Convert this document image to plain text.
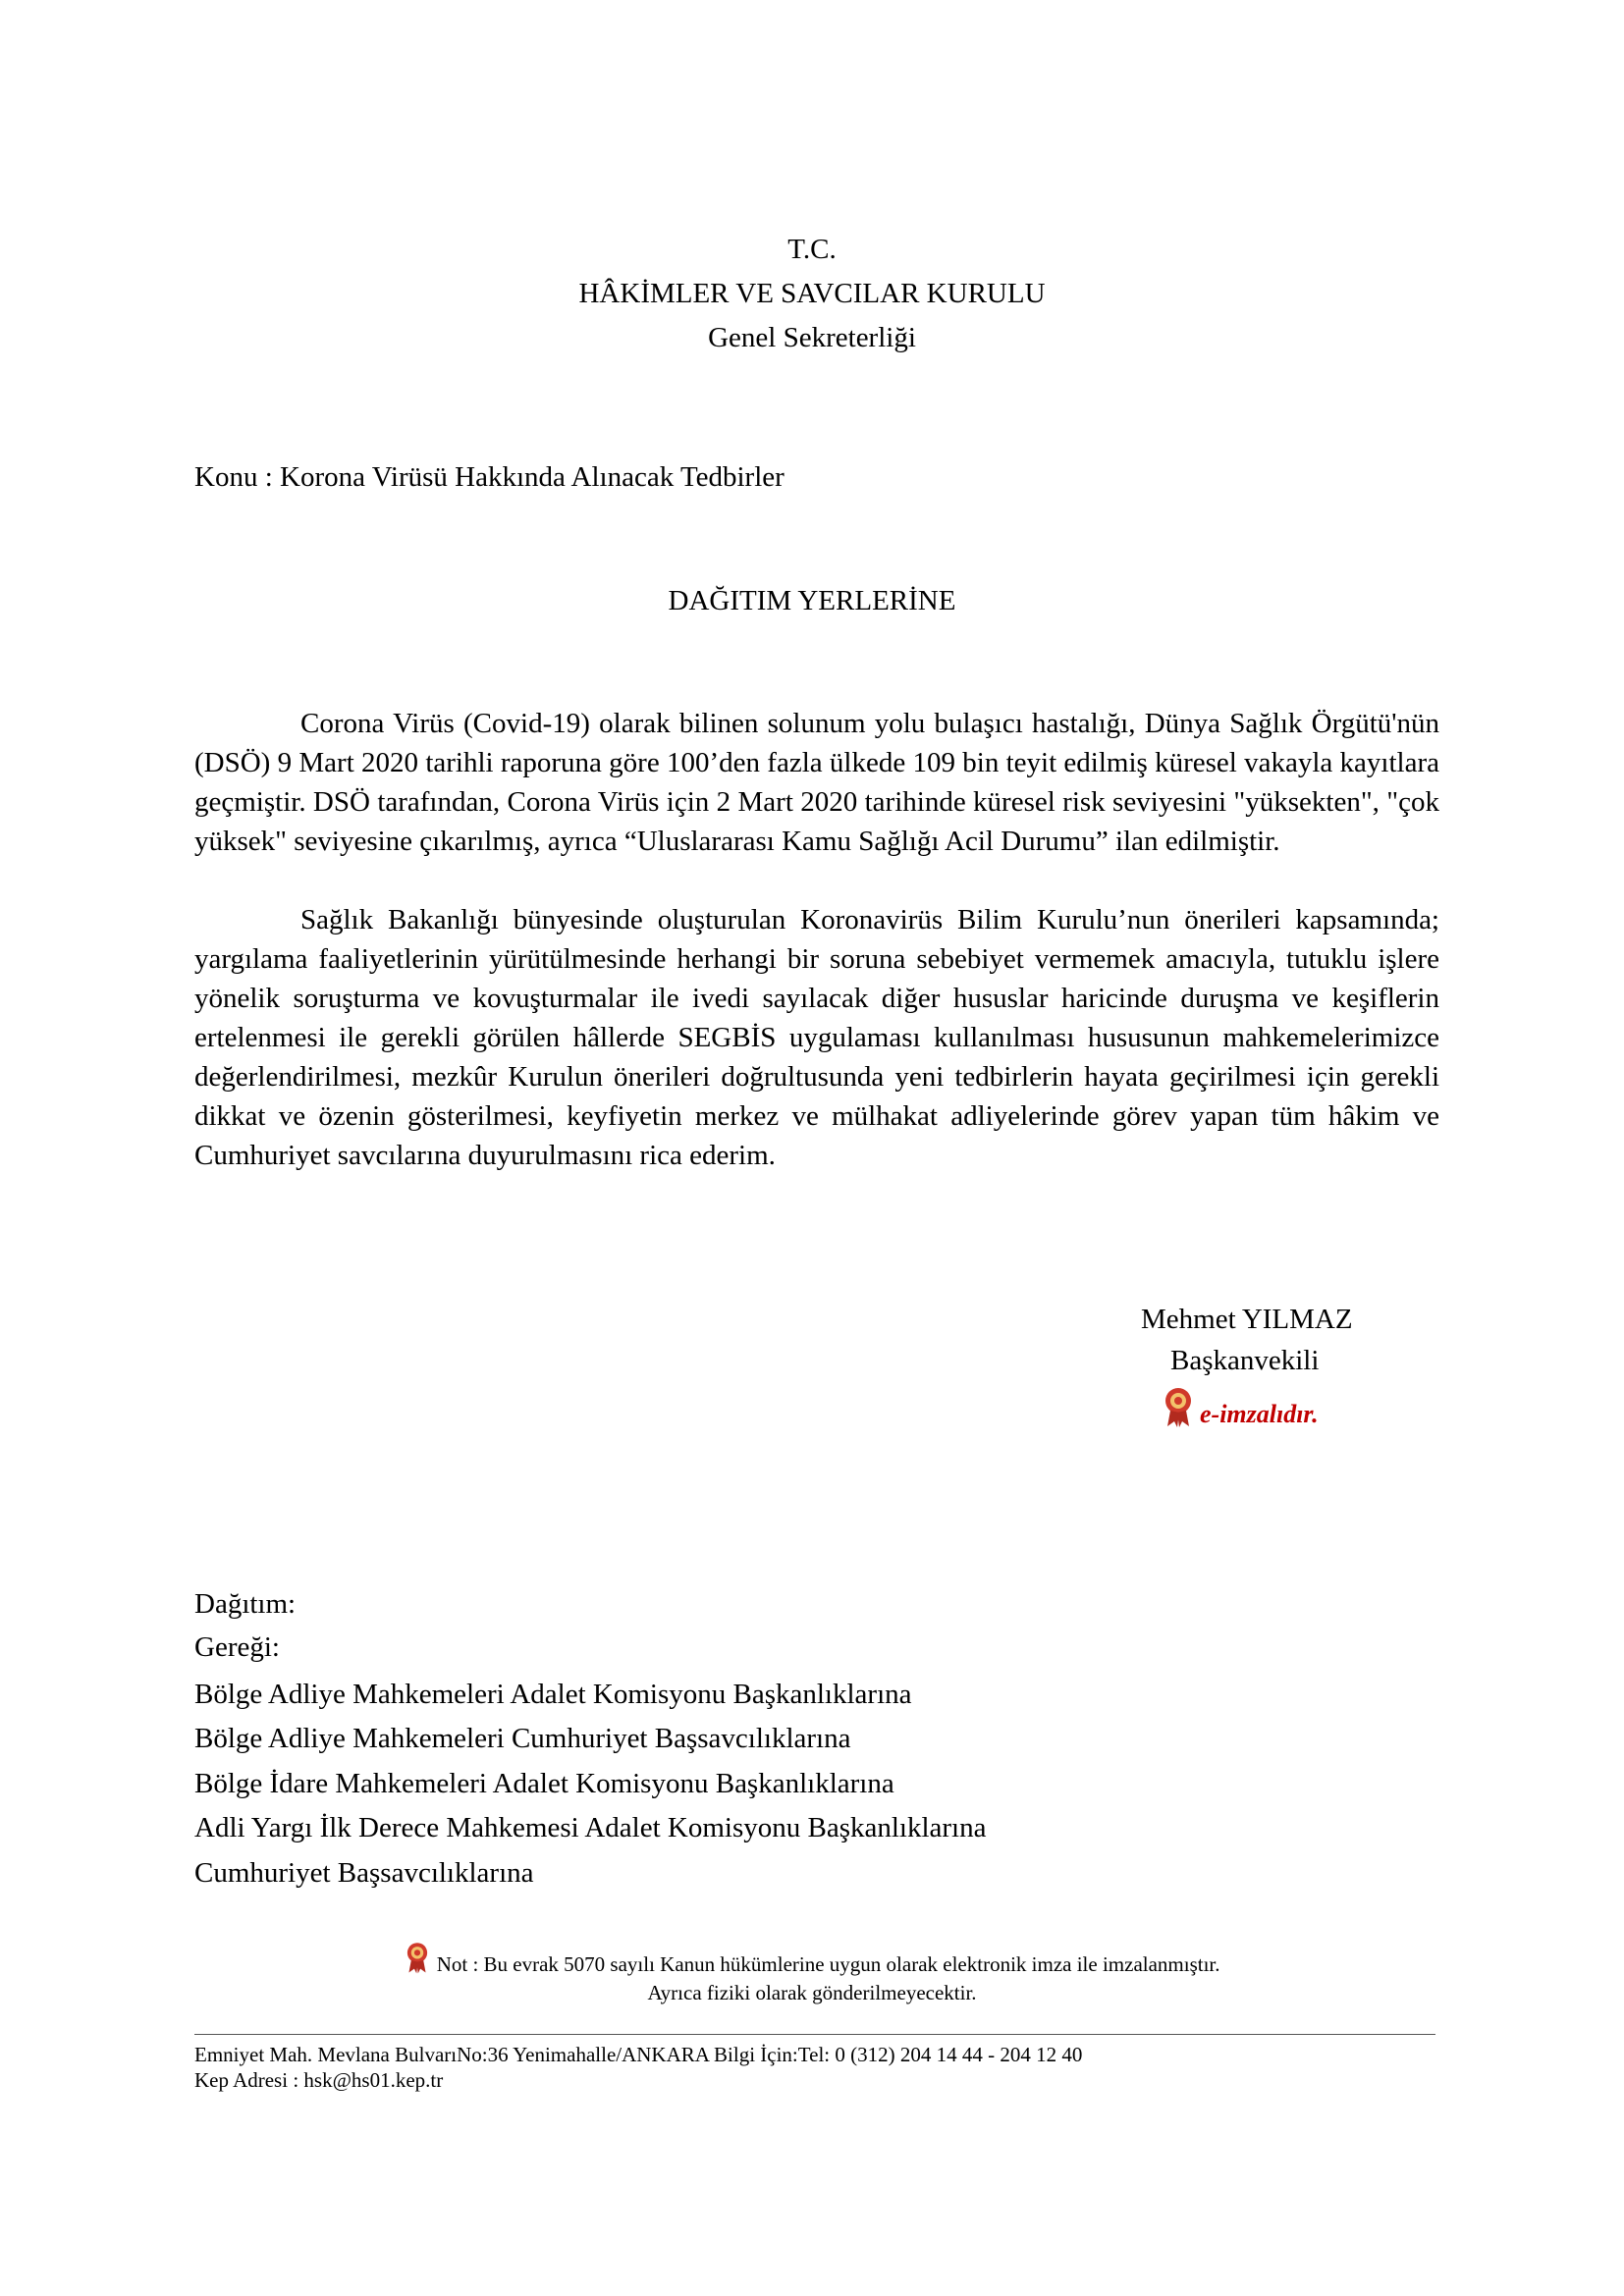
T.C.
HÂKİMLER VE SAVCILAR KURULU
Genel Sekreterliği
Konu : Korona Virüsü Hakkında Alınacak Tedbirler
DAĞITIM YERLERİNE

Corona Virüs (Covid-19) olarak bilinen solunum yolu bulaşıcı hastalığı, Dünya Sağlık Örgütü'nün (DSÖ) 9 Mart 2020 tarihli raporuna göre 100’den fazla ülkede 109 bin teyit edilmiş küresel vakayla kayıtlara geçmiştir. DSÖ tarafından, Corona Virüs için 2 Mart 2020 tarihinde küresel risk seviyesini "yüksekten", "çok yüksek" seviyesine çıkarılmış, ayrıca “Uluslararası Kamu Sağlığı Acil Durumu” ilan edilmiştir.

Sağlık Bakanlığı bünyesinde oluşturulan Koronavirüs Bilim Kurulu’nun önerileri kapsamında; yargılama faaliyetlerinin yürütülmesinde herhangi bir soruna sebebiyet vermemek amacıyla, tutuklu işlere yönelik soruşturma ve kovuşturmalar ile ivedi sayılacak diğer hususlar haricinde duruşma ve keşiflerin ertelenmesi ile gerekli görülen hâllerde SEGBİS uygulaması kullanılması hususunun mahkemelerimizce değerlendirilmesi, mezkûr Kurulun önerileri doğrultusunda yeni tedbirlerin hayata geçirilmesi için gerekli dikkat ve özenin gösterilmesi, keyfiyetin merkez ve mülhakat adliyelerinde görev yapan tüm hâkim ve Cumhuriyet savcılarına duyurulmasını rica ederim.

Mehmet YILMAZ
Başkanvekili
e-imzalıdır.
Dağıtım:
Gereği:
Bölge Adliye Mahkemeleri Adalet Komisyonu Başkanlıklarına
Bölge Adliye Mahkemeleri Cumhuriyet Başsavcılıklarına
Bölge İdare Mahkemeleri Adalet Komisyonu Başkanlıklarına
Adli Yargı İlk Derece Mahkemesi Adalet Komisyonu Başkanlıklarına
Cumhuriyet Başsavcılıklarına
Not : Bu evrak 5070 sayılı Kanun hükümlerine uygun olarak elektronik imza ile imzalanmıştır.
Ayrıca fiziki olarak gönderilmeyecektir.
Emniyet Mah. Mevlana BulvarıNo:36 Yenimahalle/ANKARA Bilgi İçin:Tel: 0 (312) 204 14 44 - 204 12 40
Kep Adresi : hsk@hs01.kep.tr
